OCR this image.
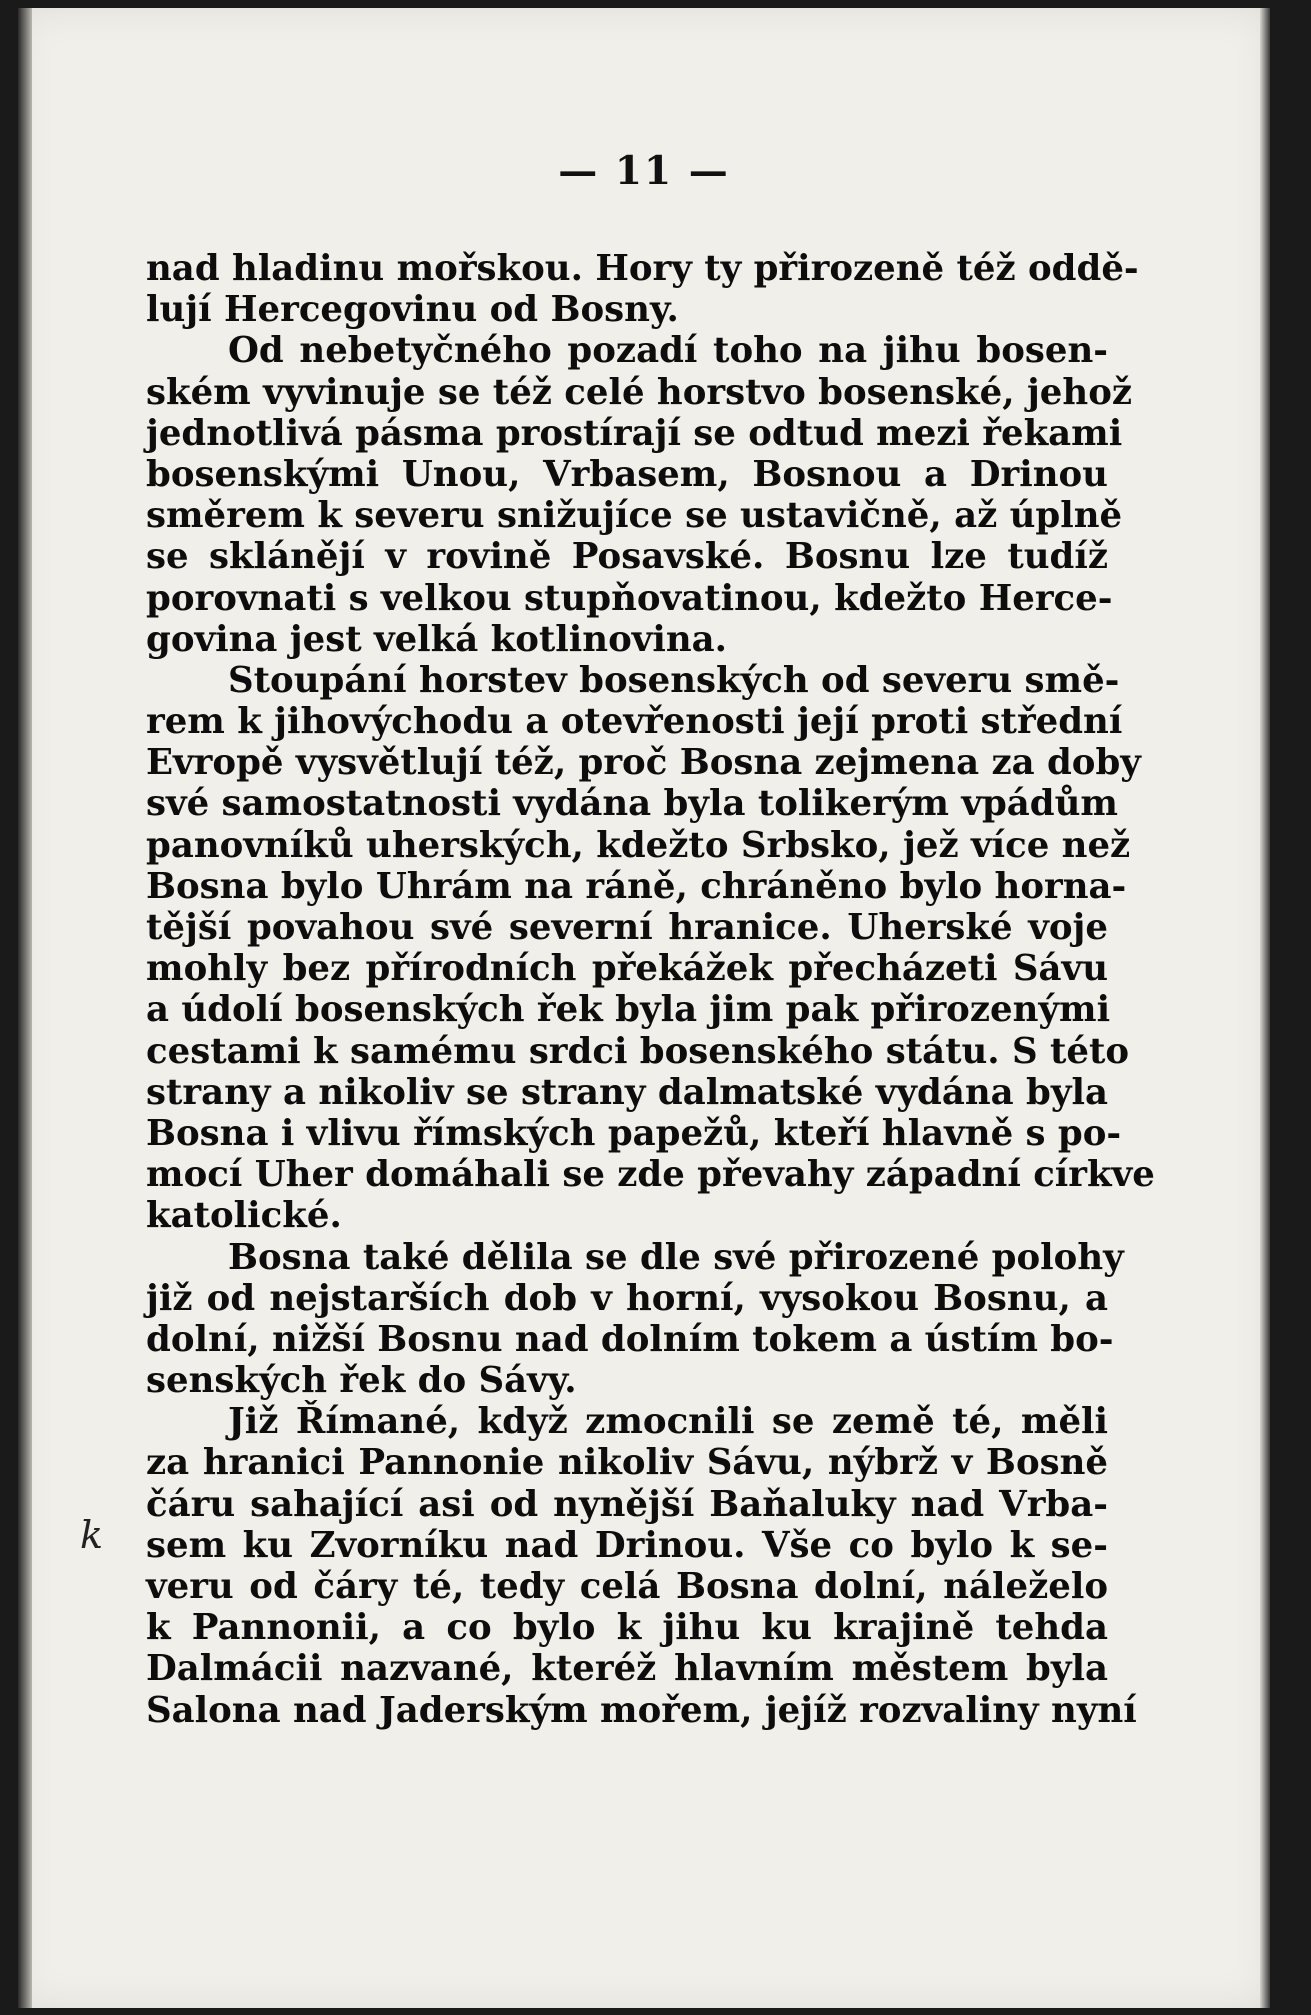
— 11 —
nad hladinu mořskou. Hory ty přirozeně též oddě-
lují Hercegovinu od Bosny.
Od nebetyčného pozadí toho na jihu bosen-
ském vyvinuje se též celé horstvo bosenské, jehož
jednotlivá pásma prostírají se odtud mezi řekami
bosenskými Unou, Vrbasem, Bosnou a Drinou
směrem k severu snižujíce se ustavičně, až úplně
se sklánějí v rovině Posavské. Bosnu lze tudíž
porovnati s velkou stupňovatinou, kdežto Herce-
govina jest velká kotlinovina.
Stoupání horstev bosenských od severu smě-
rem k jihovýchodu a otevřenosti její proti střední
Evropě vysvětlují též, proč Bosna zejmena za doby
své samostatnosti vydána byla tolikerým vpádům
panovníků uherských, kdežto Srbsko, jež více než
Bosna bylo Uhrám na ráně, chráněno bylo horna-
tější povahou své severní hranice. Uherské voje
mohly bez přírodních překážek přecházeti Sávu
a údolí bosenských řek byla jim pak přirozenými
cestami k samému srdci bosenského státu. S této
strany a nikoliv se strany dalmatské vydána byla
Bosna i vlivu římských papežů, kteří hlavně s po-
mocí Uher domáhali se zde převahy západní církve
katolické.
Bosna také dělila se dle své přirozené polohy
již od nejstarších dob v horní, vysokou Bosnu, a
dolní, nižší Bosnu nad dolním tokem a ústím bo-
senských řek do Sávy.
Již Římané, když zmocnili se země té, měli
za hranici Pannonie nikoliv Sávu, nýbrž v Bosně
čáru sahající asi od nynější Baňaluky nad Vrba-
sem ku Zvorníku nad Drinou. Vše co bylo k se-
veru od čáry té, tedy celá Bosna dolní, náleželo
k Pannonii, a co bylo k jihu ku krajině tehda
Dalmácii nazvané, kteréž hlavním městem byla
Salona nad Jaderským mořem, jejíž rozvaliny nyní
k
